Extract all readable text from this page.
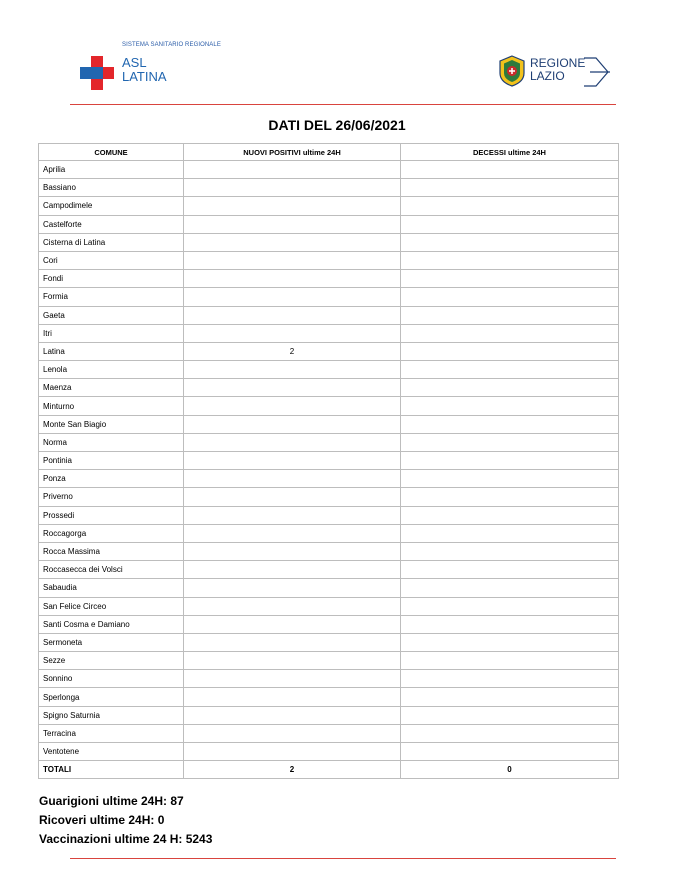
SISTEMA SANITARIO REGIONALE
ASL
LATINA
REGIONE
LAZIO
DATI DEL 26/06/2021
COMUNE	NUOVI POSITIVI ultime 24H	DECESSI ultime 24H
Aprilia		
Bassiano		
Campodimele		
Castelforte		
Cisterna di Latina		
Cori		
Fondi		
Formia		
Gaeta		
Itri		
Latina	2	
Lenola		
Maenza		
Minturno		
Monte San Biagio		
Norma		
Pontinia		
Ponza		
Priverno		
Prossedi		
Roccagorga		
Rocca Massima		
Roccasecca dei Volsci		
Sabaudia		
San Felice Circeo		
Santi Cosma e Damiano		
Sermoneta		
Sezze		
Sonnino		
Sperlonga		
Spigno Saturnia		
Terracina		
Ventotene		
TOTALI	2	0
Guarigioni ultime 24H: 87
Ricoveri ultime 24H: 0
Vaccinazioni ultime 24 H: 5243
